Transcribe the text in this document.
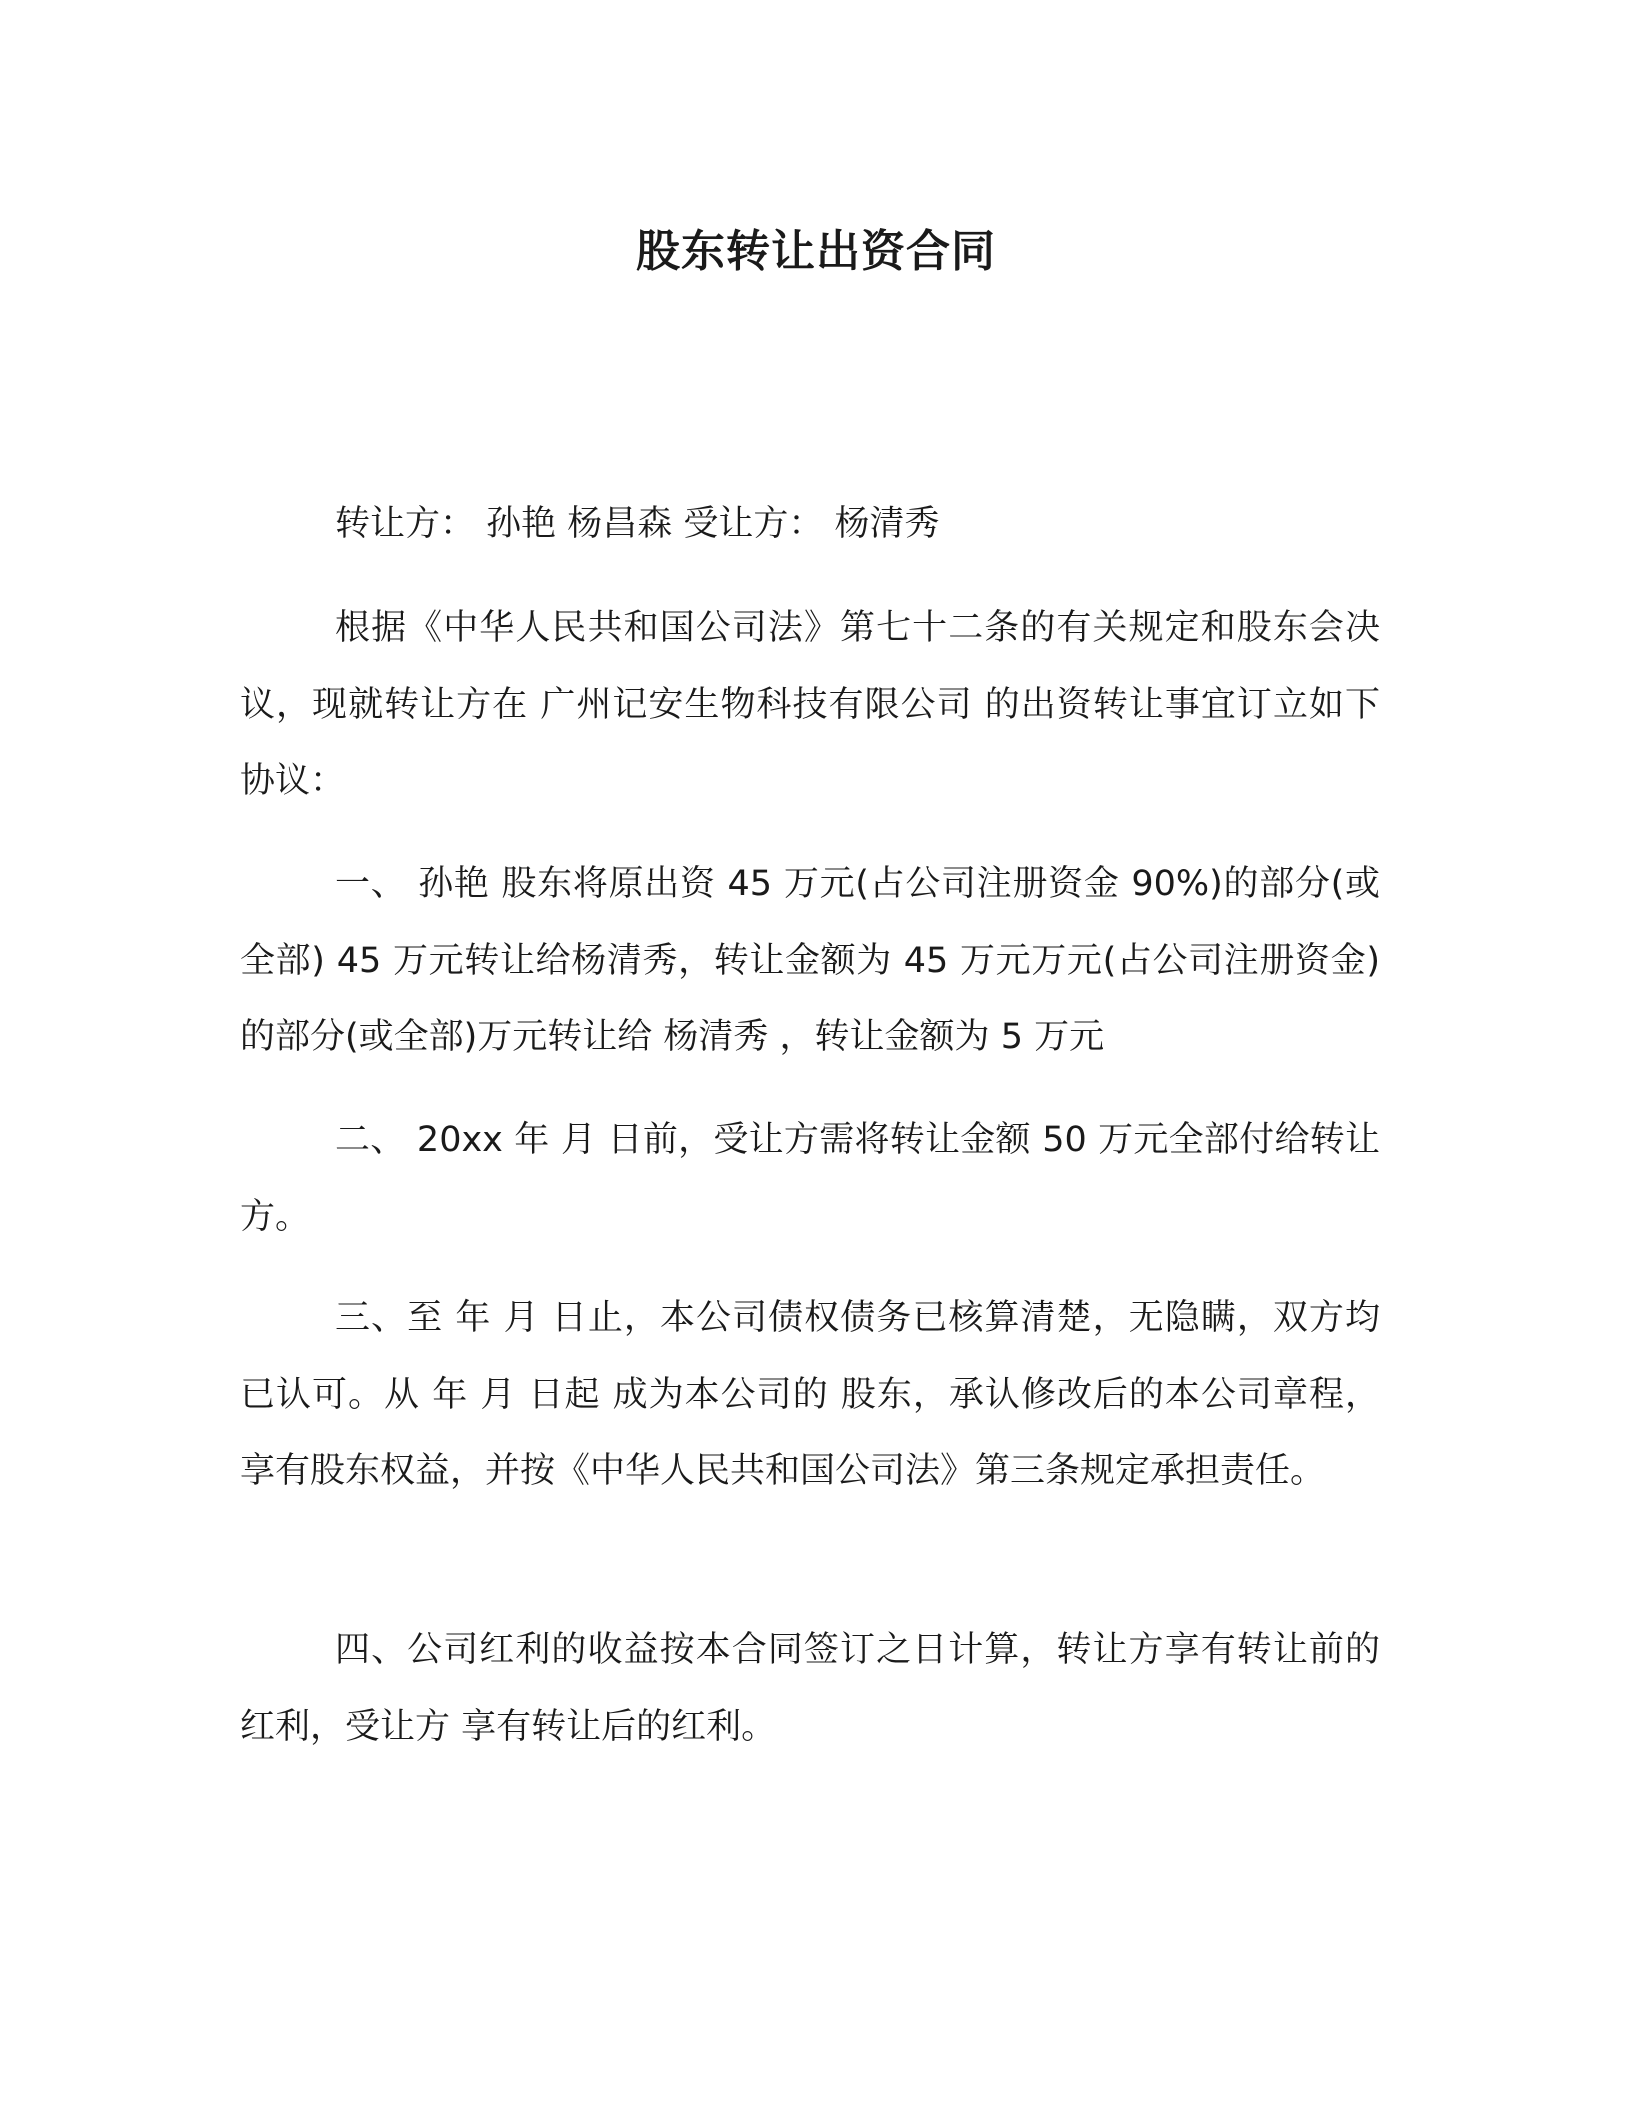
股东转让出资合同

转让方： 孙艳 杨昌森 受让方： 杨清秀

根据《中华人民共和国公司法》第七十二条的有关规定和股东会决议，现就转让方在 广州记安生物科技有限公司 的出资转让事宜订立如下协议：

一、 孙艳 股东将原出资 45 万元(占公司注册资金 90%)的部分(或全部) 45 万元转让给杨清秀，转让金额为 45 万元万元(占公司注册资金)的部分(或全部)万元转让给 杨清秀 ，转让金额为 5 万元

二、 20xx 年 月 日前，受让方需将转让金额 50 万元全部付给转让方。

三、至 年 月 日止，本公司债权债务已核算清楚，无隐瞒，双方均 已认可。从 年 月 日起 成为本公司的 股东，承认修改后的本公司章程，享有股东权益，并按《中华人民共和国公司法》第三条规定承担责任。

四、公司红利的收益按本合同签订之日计算，转让方享有转让前的红利，受让方 享有转让后的红利。
